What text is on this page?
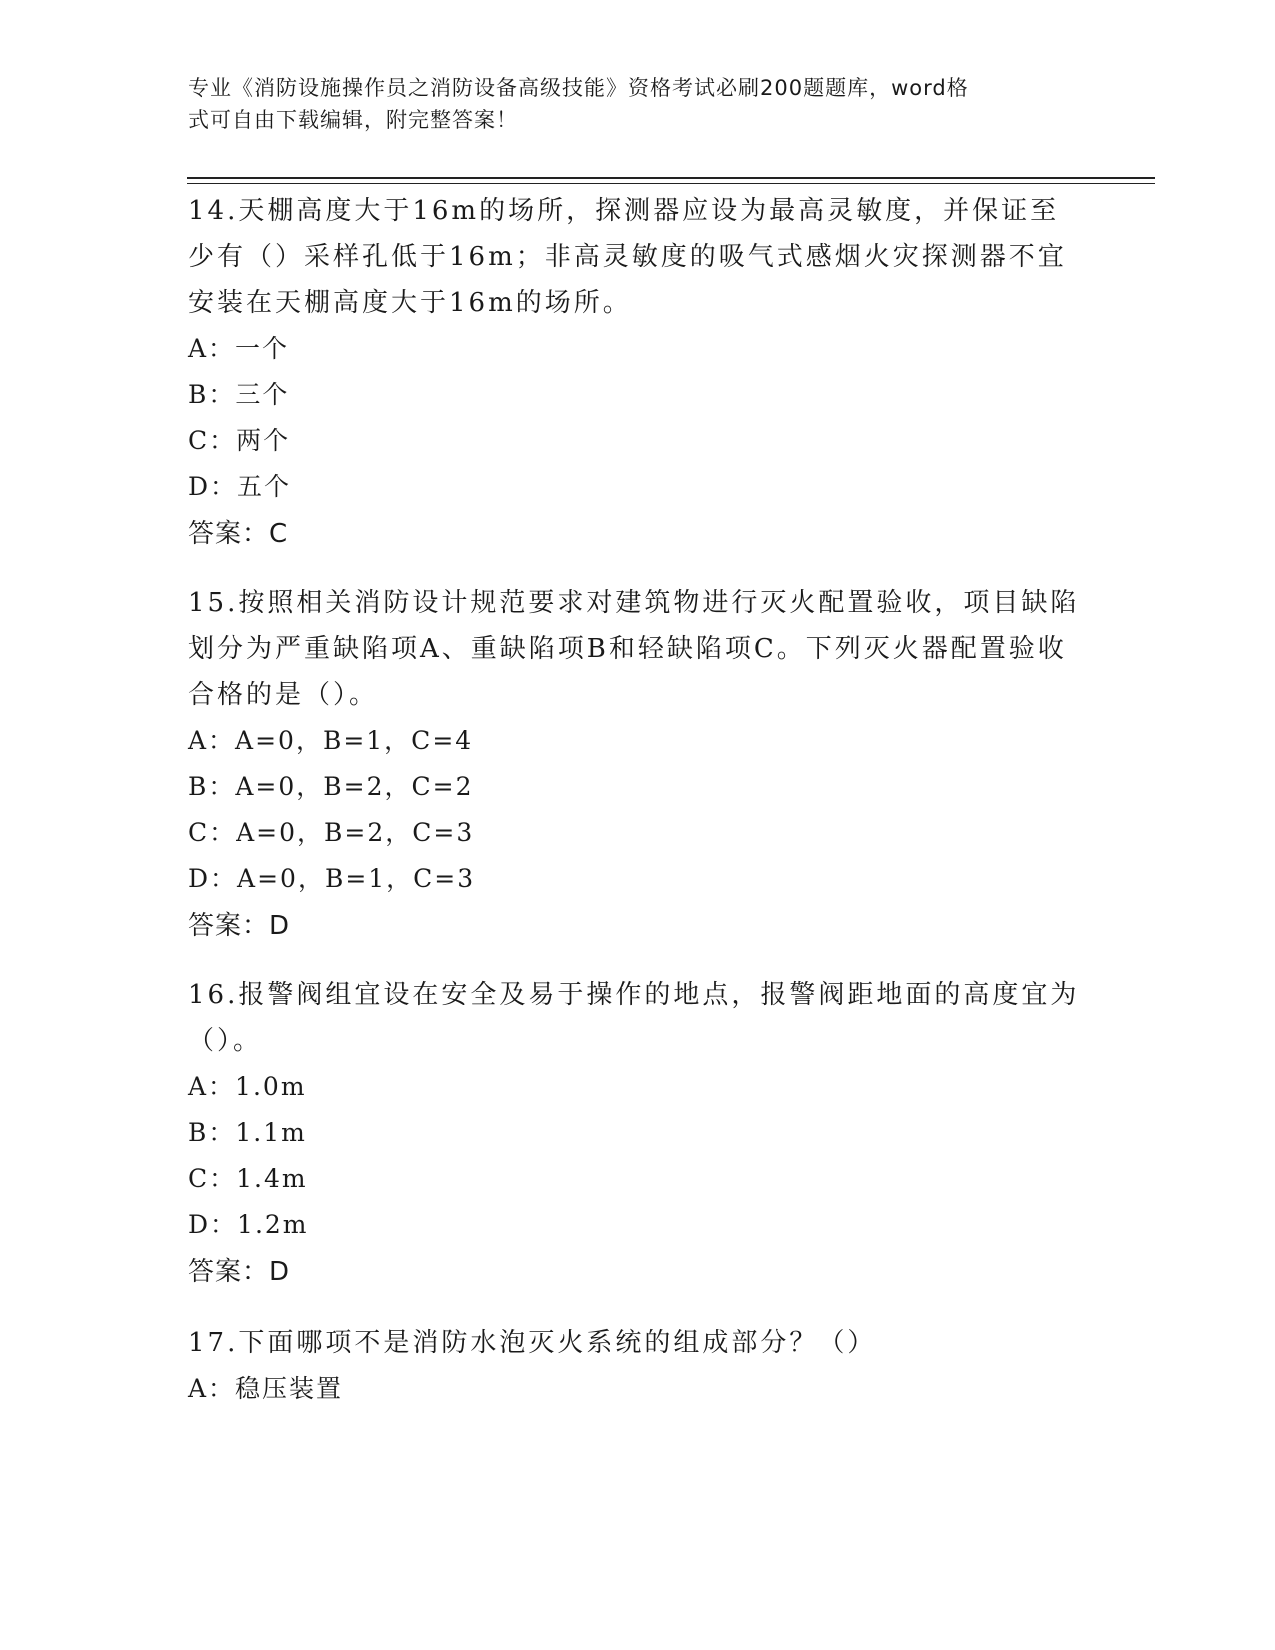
专业《消防设施操作员之消防设备高级技能》资格考试必刷200题题库，word格
式可自由下载编辑，附完整答案！
14.天棚高度大于16m的场所，探测器应设为最高灵敏度，并保证至少有（）采样孔低于16m；非高灵敏度的吸气式感烟火灾探测器不宜安装在天棚高度大于16m的场所。
A：一个
B：三个
C：两个
D：五个
答案：C
15.按照相关消防设计规范要求对建筑物进行灭火配置验收，项目缺陷划分为严重缺陷项A、重缺陷项B和轻缺陷项C。下列灭火器配置验收合格的是（）。
A：A=0，B=1，C=4
B：A=0，B=2，C=2
C：A=0，B=2，C=3
D：A=0，B=1，C=3
答案：D
16.报警阀组宜设在安全及易于操作的地点，报警阀距地面的高度宜为（）。
A：1.0m
B：1.1m
C：1.4m
D：1.2m
答案：D
17.下面哪项不是消防水泡灭火系统的组成部分？（）
A：稳压装置
